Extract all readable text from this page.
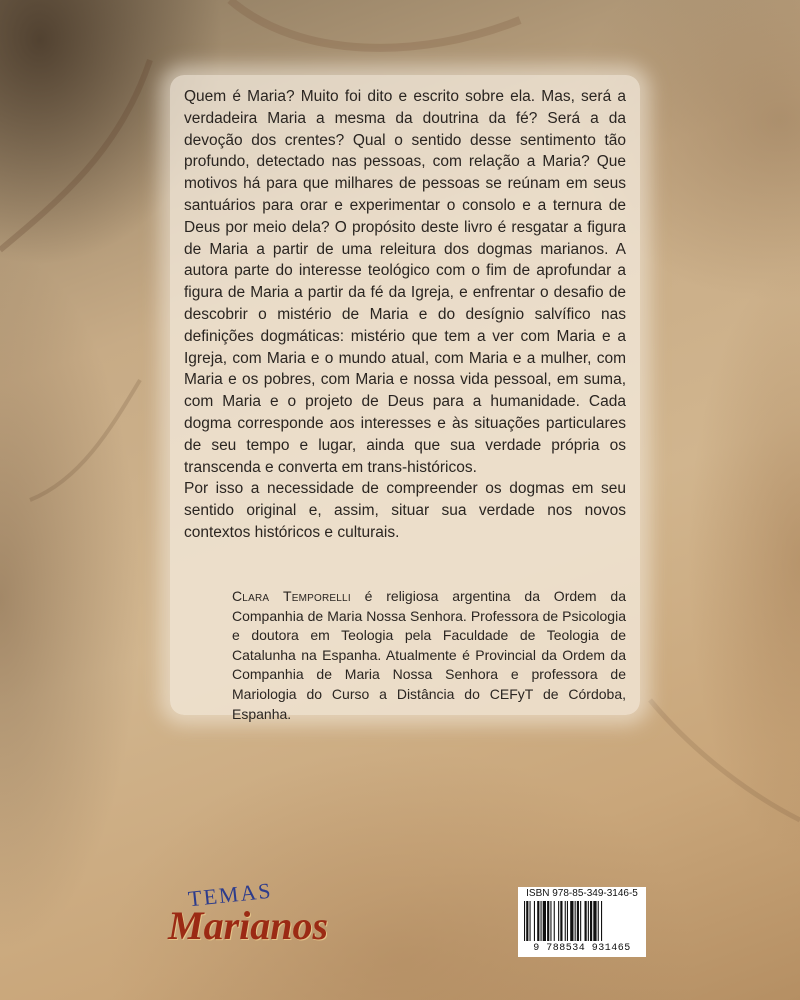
Quem é Maria? Muito foi dito e escrito sobre ela. Mas, será a verdadeira Maria a mesma da doutrina da fé? Será a da devoção dos crentes? Qual o sentido desse sentimento tão profundo, detectado nas pessoas, com relação a Maria? Que motivos há para que milhares de pessoas se reúnam em seus santuários para orar e experimentar o consolo e a ternura de Deus por meio dela? O propósito deste livro é resgatar a figura de Maria a partir de uma releitura dos dogmas marianos. A autora parte do interesse teológico com o fim de aprofundar a figura de Maria a partir da fé da Igreja, e enfrentar o desafio de descobrir o mistério de Maria e do desígnio salvífico nas definições dogmáticas: mistério que tem a ver com Maria e a Igreja, com Maria e o mundo atual, com Maria e a mulher, com Maria e os pobres, com Maria e nossa vida pessoal, em suma, com Maria e o projeto de Deus para a humanidade. Cada dogma corresponde aos interesses e às situações particulares de seu tempo e lugar, ainda que sua verdade própria os transcenda e converta em trans-históricos.

Por isso a necessidade de compreender os dogmas em seu sentido original e, assim, situar sua verdade nos novos contextos históricos e culturais.

Clara Temporelli é religiosa argentina da Ordem da Companhia de Maria Nossa Senhora. Professora de Psicologia e doutora em Teologia pela Faculdade de Teologia de Catalunha na Espanha. Atualmente é Provincial da Ordem da Companhia de Maria Nossa Senhora e professora de Mariologia do Curso a Distância do CEFyT de Córdoba, Espanha.

TEMAS
Marianos
ISBN 978-85-349-3146-5
9 788534 931465
